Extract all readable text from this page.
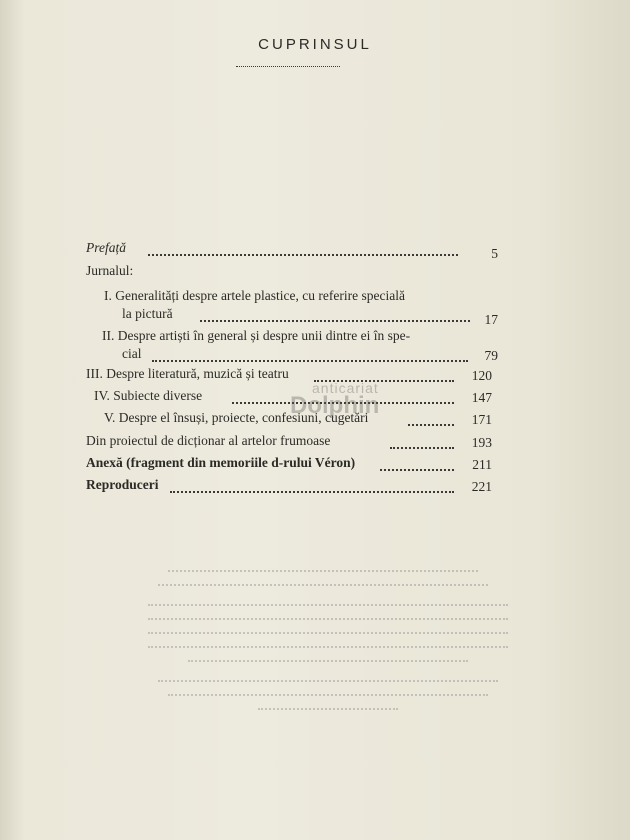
CUPRINSUL
Prefață	5
Jurnalul:
I. Generalități despre artele plastice, cu referire specială
la pictură	17
II. Despre artiști în general și despre unii dintre ei în spe-
cial	79
III. Despre literatură, muzică și teatru	120
IV. Subiecte diverse	147
V. Despre el însuși, proiecte, confesiuni, cugetări	171
Din proiectul de dicționar al artelor frumoase	193
Anexă (fragment din memoriile d-rului Véron)	211
Reproduceri	221
anticariat
Dolphin
